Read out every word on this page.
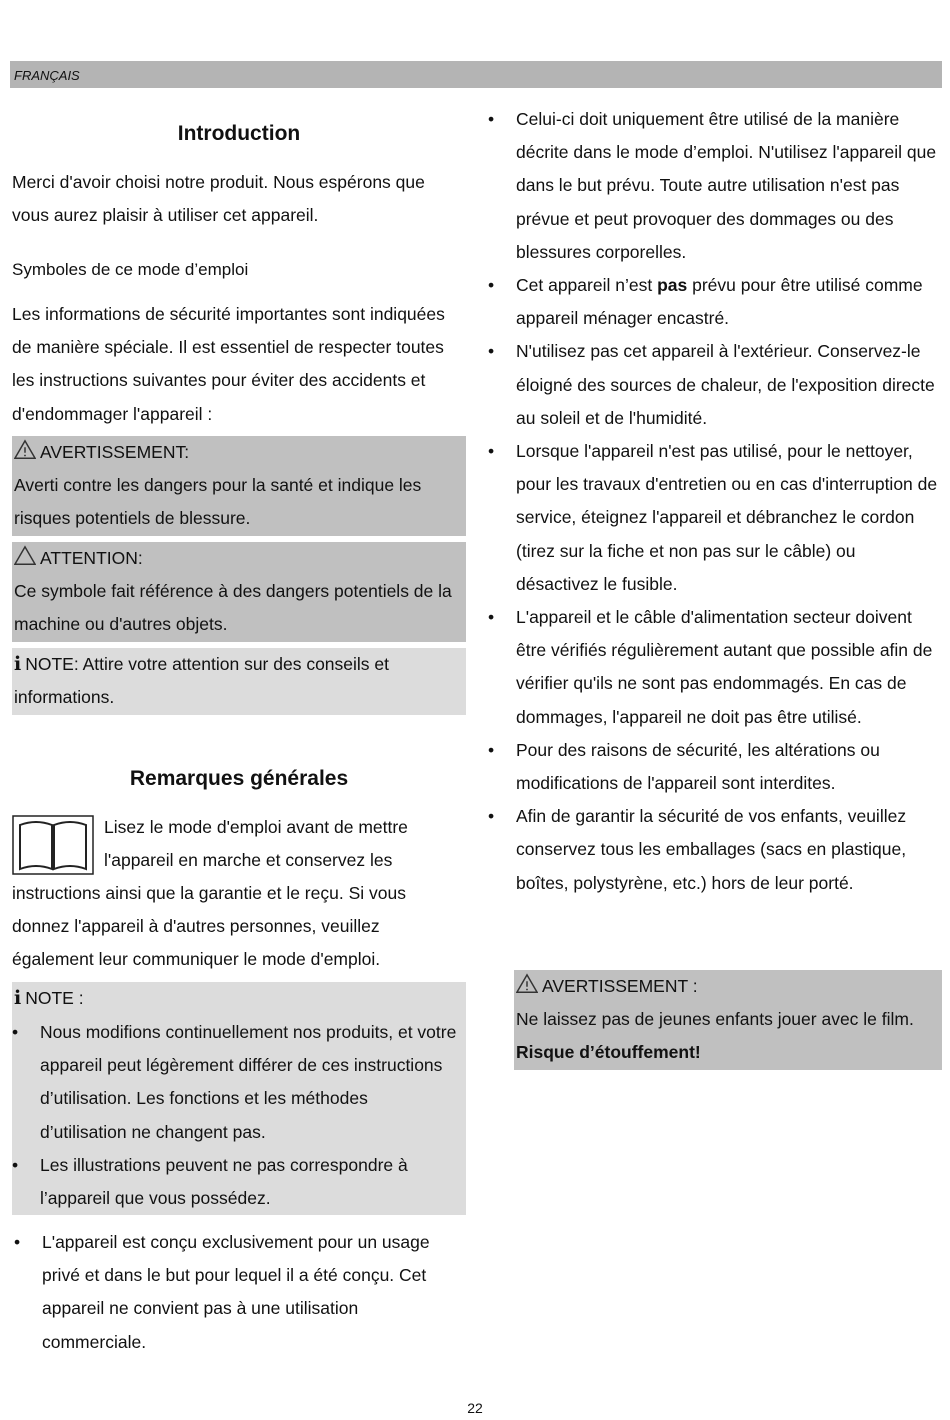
FRANÇAIS
Introduction

Merci d'avoir choisi notre produit. Nous espérons que vous aurez plaisir à utiliser cet appareil.

Symboles de ce mode d’emploi

Les informations de sécurité importantes sont indiquées de manière spéciale. Il est essentiel de respecter toutes les instructions suivantes pour éviter des accidents et d'endommager l'appareil :

AVERTISSEMENT:
Averti contre les dangers pour la santé et indique les risques potentiels de blessure.
ATTENTION:
Ce symbole fait référence à des dangers potentiels de la machine ou d'autres objets.
i NOTE: Attire votre attention sur des conseils et informations.
Remarques générales

Lisez le mode d'emploi avant de mettre l'appareil en marche et conservez les

instructions ainsi que la garantie et le reçu. Si vous donnez l'appareil à d'autres personnes, veuillez également leur communiquer le mode d'emploi.

i NOTE :
• Nous modifions continuellement nos produits, et votre appareil peut légèrement différer de ces instructions d’utilisation. Les fonctions et les méthodes d’utilisation ne changent pas.
• Les illustrations peuvent ne pas correspondre à l’appareil que vous possédez.
• L'appareil est conçu exclusivement pour un usage privé et dans le but pour lequel il a été conçu. Cet appareil ne convient pas à une utilisation commerciale.
• Celui-ci doit uniquement être utilisé de la manière décrite dans le mode d’emploi. N'utilisez l'appareil que dans le but prévu. Toute autre utilisation n'est pas prévue et peut provoquer des dommages ou des blessures corporelles.
• Cet appareil n’est pas prévu pour être utilisé comme appareil ménager encastré.
• N'utilisez pas cet appareil à l'extérieur. Conservez-le éloigné des sources de chaleur, de l'exposition directe au soleil et de l'humidité.
• Lorsque l'appareil n'est pas utilisé, pour le nettoyer, pour les travaux d'entretien ou en cas d'interruption de service, éteignez l'appareil et débranchez le cordon (tirez sur la fiche et non pas sur le câble) ou désactivez le fusible.
• L'appareil et le câble d'alimentation secteur doivent être vérifiés régulièrement autant que possible afin de vérifier qu'ils ne sont pas endommagés. En cas de dommages, l'appareil ne doit pas être utilisé.
• Pour des raisons de sécurité, les altérations ou modifications de l'appareil sont interdites.
• Afin de garantir la sécurité de vos enfants, veuillez conservez tous les emballages (sacs en plastique, boîtes, polystyrène, etc.) hors de leur porté.
AVERTISSEMENT :
Ne laissez pas de jeunes enfants jouer avec le film. Risque d’étouffement!
22
